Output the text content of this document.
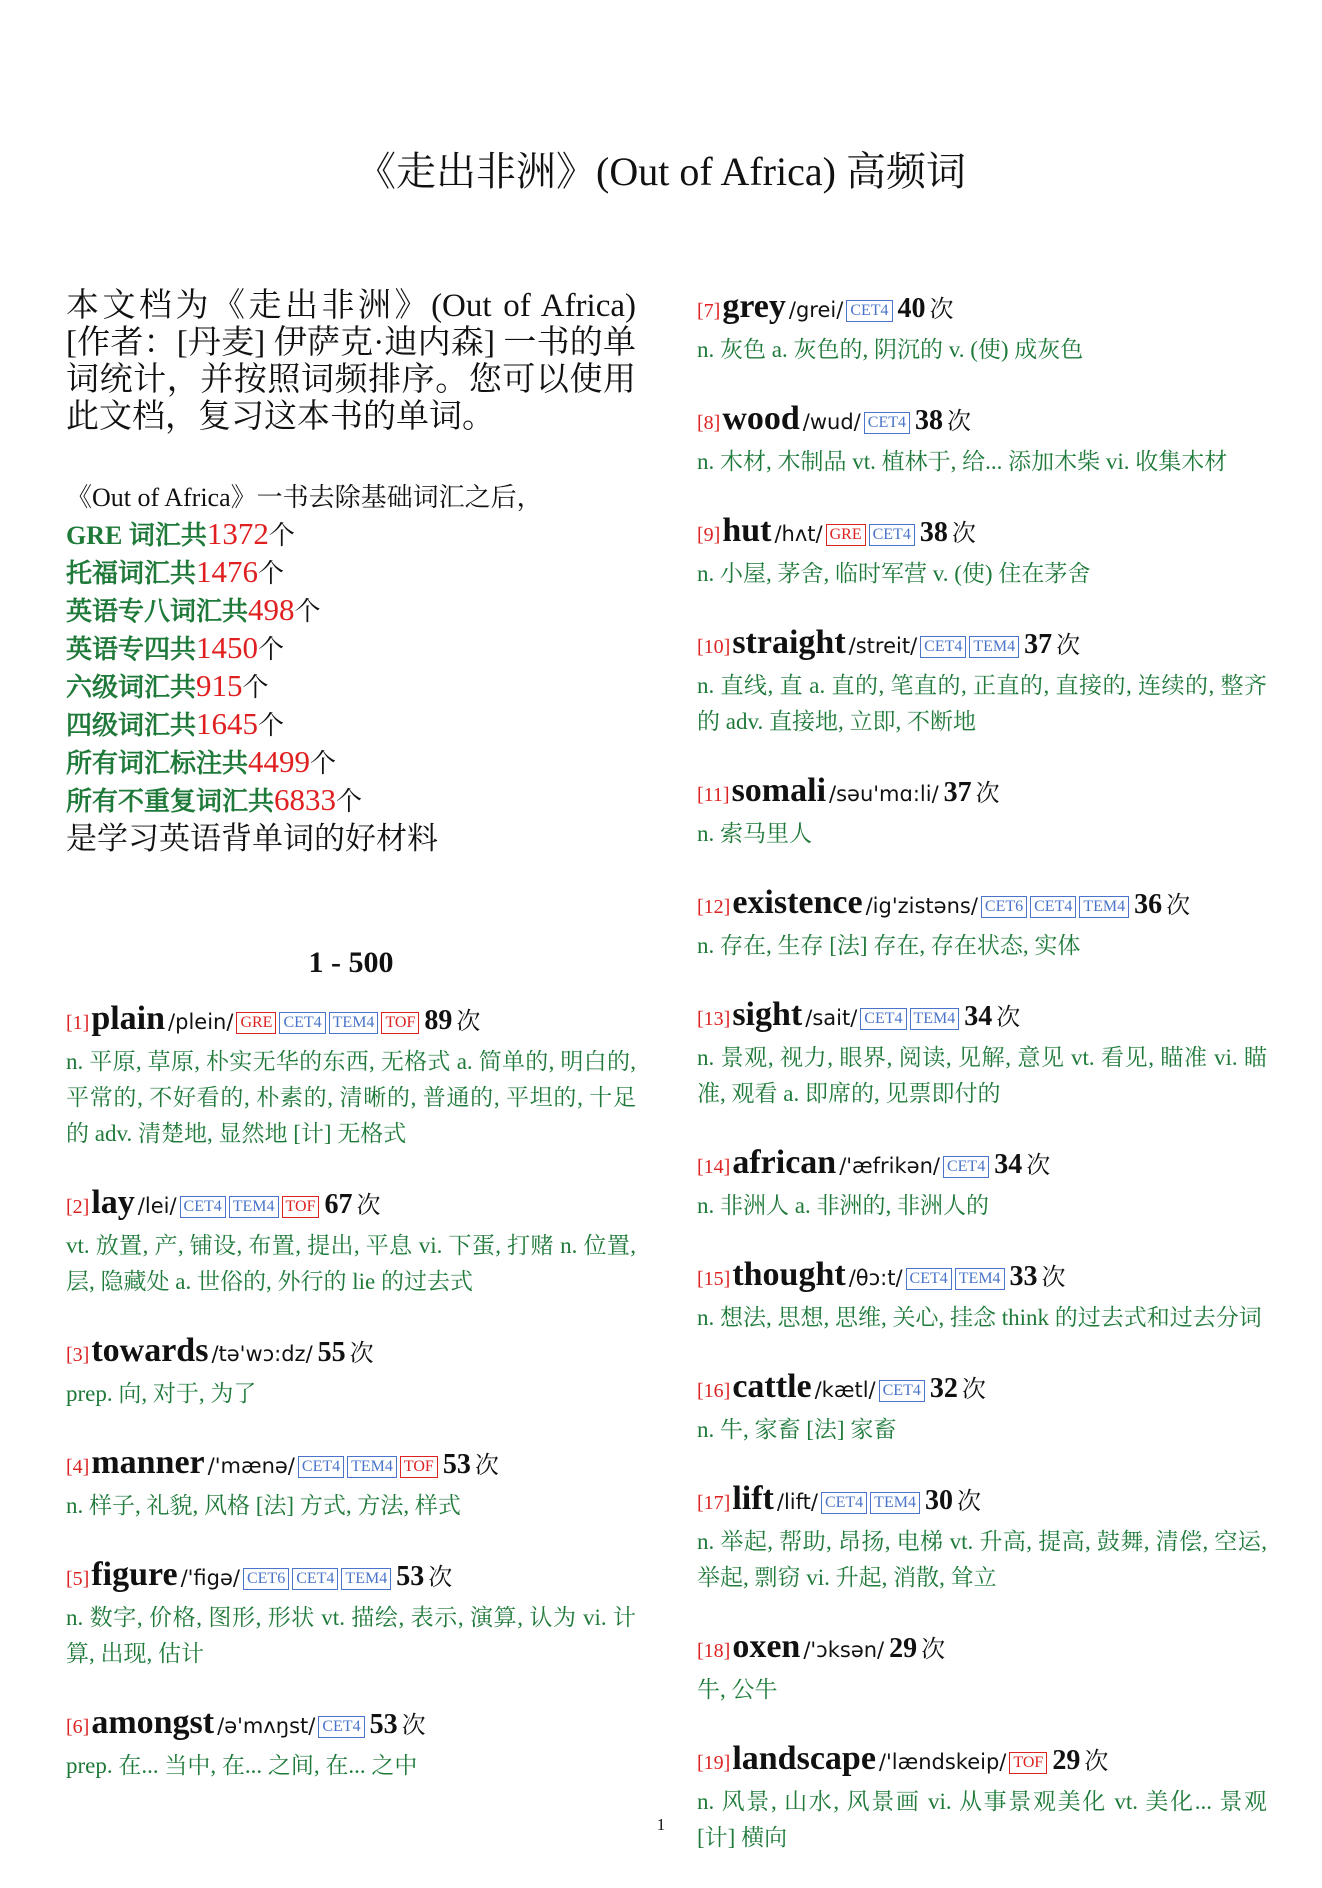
《走出非洲》(Out of Africa) 高频词

本文档为《走出非洲》(Out of Africa)[作者：[丹麦] 伊萨克·迪内森] 一书的单词统计，并按照词频排序。您可以使用此文档，复习这本书的单词。

《Out of Africa》一书去除基础词汇之后，
GRE 词汇共1372个
托福词汇共1476个
英语专八词汇共498个
英语专四共1450个
六级词汇共915个
四级词汇共1645个
所有词汇标注共4499个
所有不重复词汇共6833个
是学习英语背单词的好材料
1 - 500
[1]plain /plein/ GRE CET4 TEM4 TOF 89 次
n. 平原, 草原, 朴实无华的东西, 无格式 a. 简单的, 明白的, 平常的, 不好看的, 朴素的, 清晰的, 普通的, 平坦的, 十足的 adv. 清楚地, 显然地 [计] 无格式
[2]lay /lei/ CET4 TEM4 TOF 67 次
vt. 放置, 产, 铺设, 布置, 提出, 平息 vi. 下蛋, 打赌 n. 位置, 层, 隐藏处 a. 世俗的, 外行的 lie 的过去式
[3]towards /tə'wɔ:dz/ 55 次
prep. 向, 对于, 为了
[4]manner /'mænə/ CET4 TEM4 TOF 53 次
n. 样子, 礼貌, 风格 [法] 方式, 方法, 样式
[5]figure /'figə/ CET6 CET4 TEM4 53 次
n. 数字, 价格, 图形, 形状 vt. 描绘, 表示, 演算, 认为 vi. 计算, 出现, 估计
[6]amongst /ə'mʌŋst/ CET4 53 次
prep. 在... 当中, 在... 之间, 在... 之中
[7]grey /grei/ CET4 40 次
n. 灰色 a. 灰色的, 阴沉的 v. (使) 成灰色
[8]wood /wud/ CET4 38 次
n. 木材, 木制品 vt. 植林于, 给... 添加木柴 vi. 收集木材
[9]hut /hʌt/ GRE CET4 38 次
n. 小屋, 茅舍, 临时军营 v. (使) 住在茅舍
[10]straight /streit/ CET4 TEM4 37 次
n. 直线, 直 a. 直的, 笔直的, 正直的, 直接的, 连续的, 整齐的 adv. 直接地, 立即, 不断地
[11]somali /səu'mɑ:li/ 37 次
n. 索马里人
[12]existence /ig'zistəns/ CET6 CET4 TEM4 36 次
n. 存在, 生存 [法] 存在, 存在状态, 实体
[13]sight /sait/ CET4 TEM4 34 次
n. 景观, 视力, 眼界, 阅读, 见解, 意见 vt. 看见, 瞄准 vi. 瞄准, 观看 a. 即席的, 见票即付的
[14]african /'æfrikən/ CET4 34 次
n. 非洲人 a. 非洲的, 非洲人的
[15]thought /θɔ:t/ CET4 TEM4 33 次
n. 想法, 思想, 思维, 关心, 挂念 think 的过去式和过去分词
[16]cattle /kætl/ CET4 32 次
n. 牛, 家畜 [法] 家畜
[17]lift /lift/ CET4 TEM4 30 次
n. 举起, 帮助, 昂扬, 电梯 vt. 升高, 提高, 鼓舞, 清偿, 空运, 举起, 剽窃 vi. 升起, 消散, 耸立
[18]oxen /'ɔksən/ 29 次
牛, 公牛
[19]landscape /'lændskeip/ TOF 29 次
n. 风景, 山水, 风景画 vi. 从事景观美化 vt. 美化... 景观 [计] 横向
1
